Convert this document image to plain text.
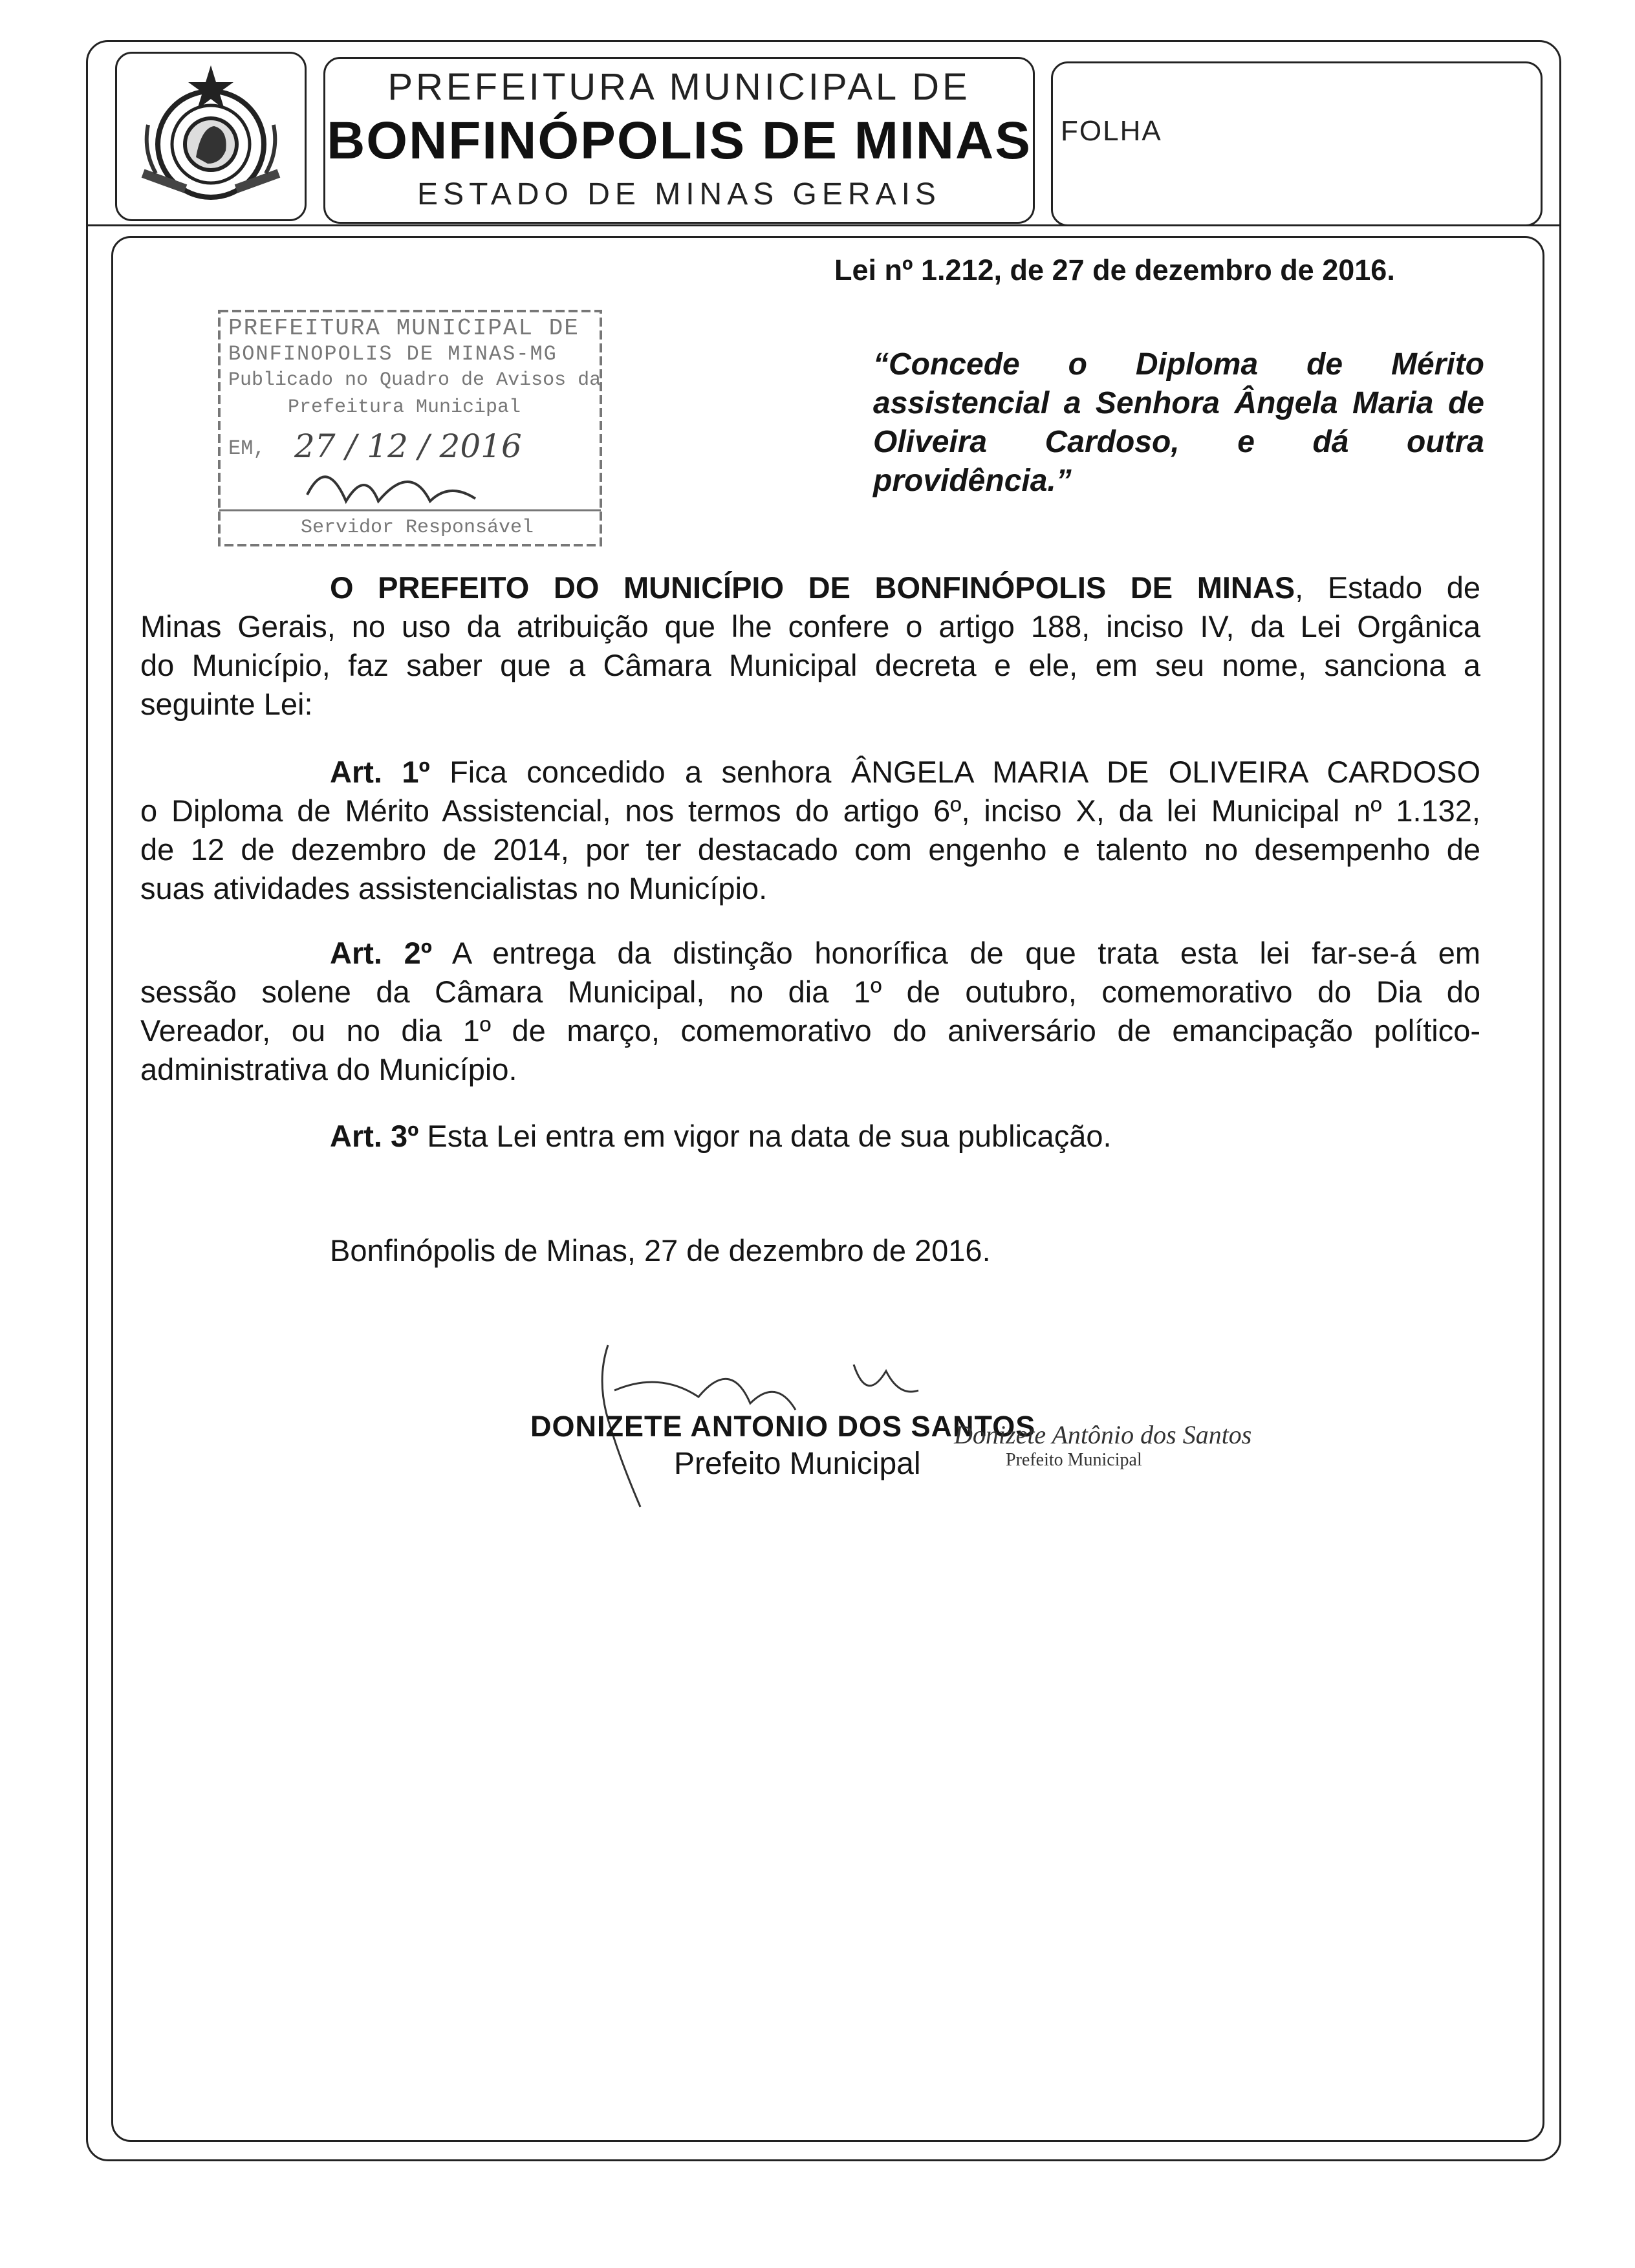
PREFEITURA MUNICIPAL DE
BONFINÓPOLIS DE MINAS
ESTADO DE MINAS GERAIS
FOLHA
Lei nº 1.212, de 27 de dezembro de 2016.
“Concede o Diploma de Mérito
assistencial a Senhora Ângela Maria de
Oliveira Cardoso, e dá outra
providência.”
PREFEITURA MUNICIPAL DE
BONFINOPOLIS DE MINAS-MG
Publicado no Quadro de Avisos da
Prefeitura Municipal
EM, 27 / 12 / 2016
Servidor Responsável
O PREFEITO DO MUNICÍPIO DE BONFINÓPOLIS DE MINAS, Estado de
Minas Gerais, no uso da atribuição que lhe confere o artigo 188, inciso IV, da Lei Orgânica
do Município, faz saber que a Câmara Municipal decreta e ele, em seu nome, sanciona a
seguinte Lei:
Art. 1º Fica concedido a senhora ÂNGELA MARIA DE OLIVEIRA CARDOSO
o Diploma de Mérito Assistencial, nos termos do artigo 6º, inciso X, da lei Municipal nº 1.132,
de 12 de dezembro de 2014, por ter destacado com engenho e talento no desempenho de
suas atividades assistencialistas no Município.
Art. 2º A entrega da distinção honorífica de que trata esta lei far-se-á em
sessão solene da Câmara Municipal, no dia 1º de outubro, comemorativo do Dia do
Vereador, ou no dia 1º de março, comemorativo do aniversário de emancipação político-
administrativa do Município.
Art. 3º Esta Lei entra em vigor na data de sua publicação.
Bonfinópolis de Minas, 27 de dezembro de 2016.
DONIZETE ANTONIO DOS SANTOS
Prefeito Municipal
Donizete Antônio dos Santos
Prefeito Municipal
